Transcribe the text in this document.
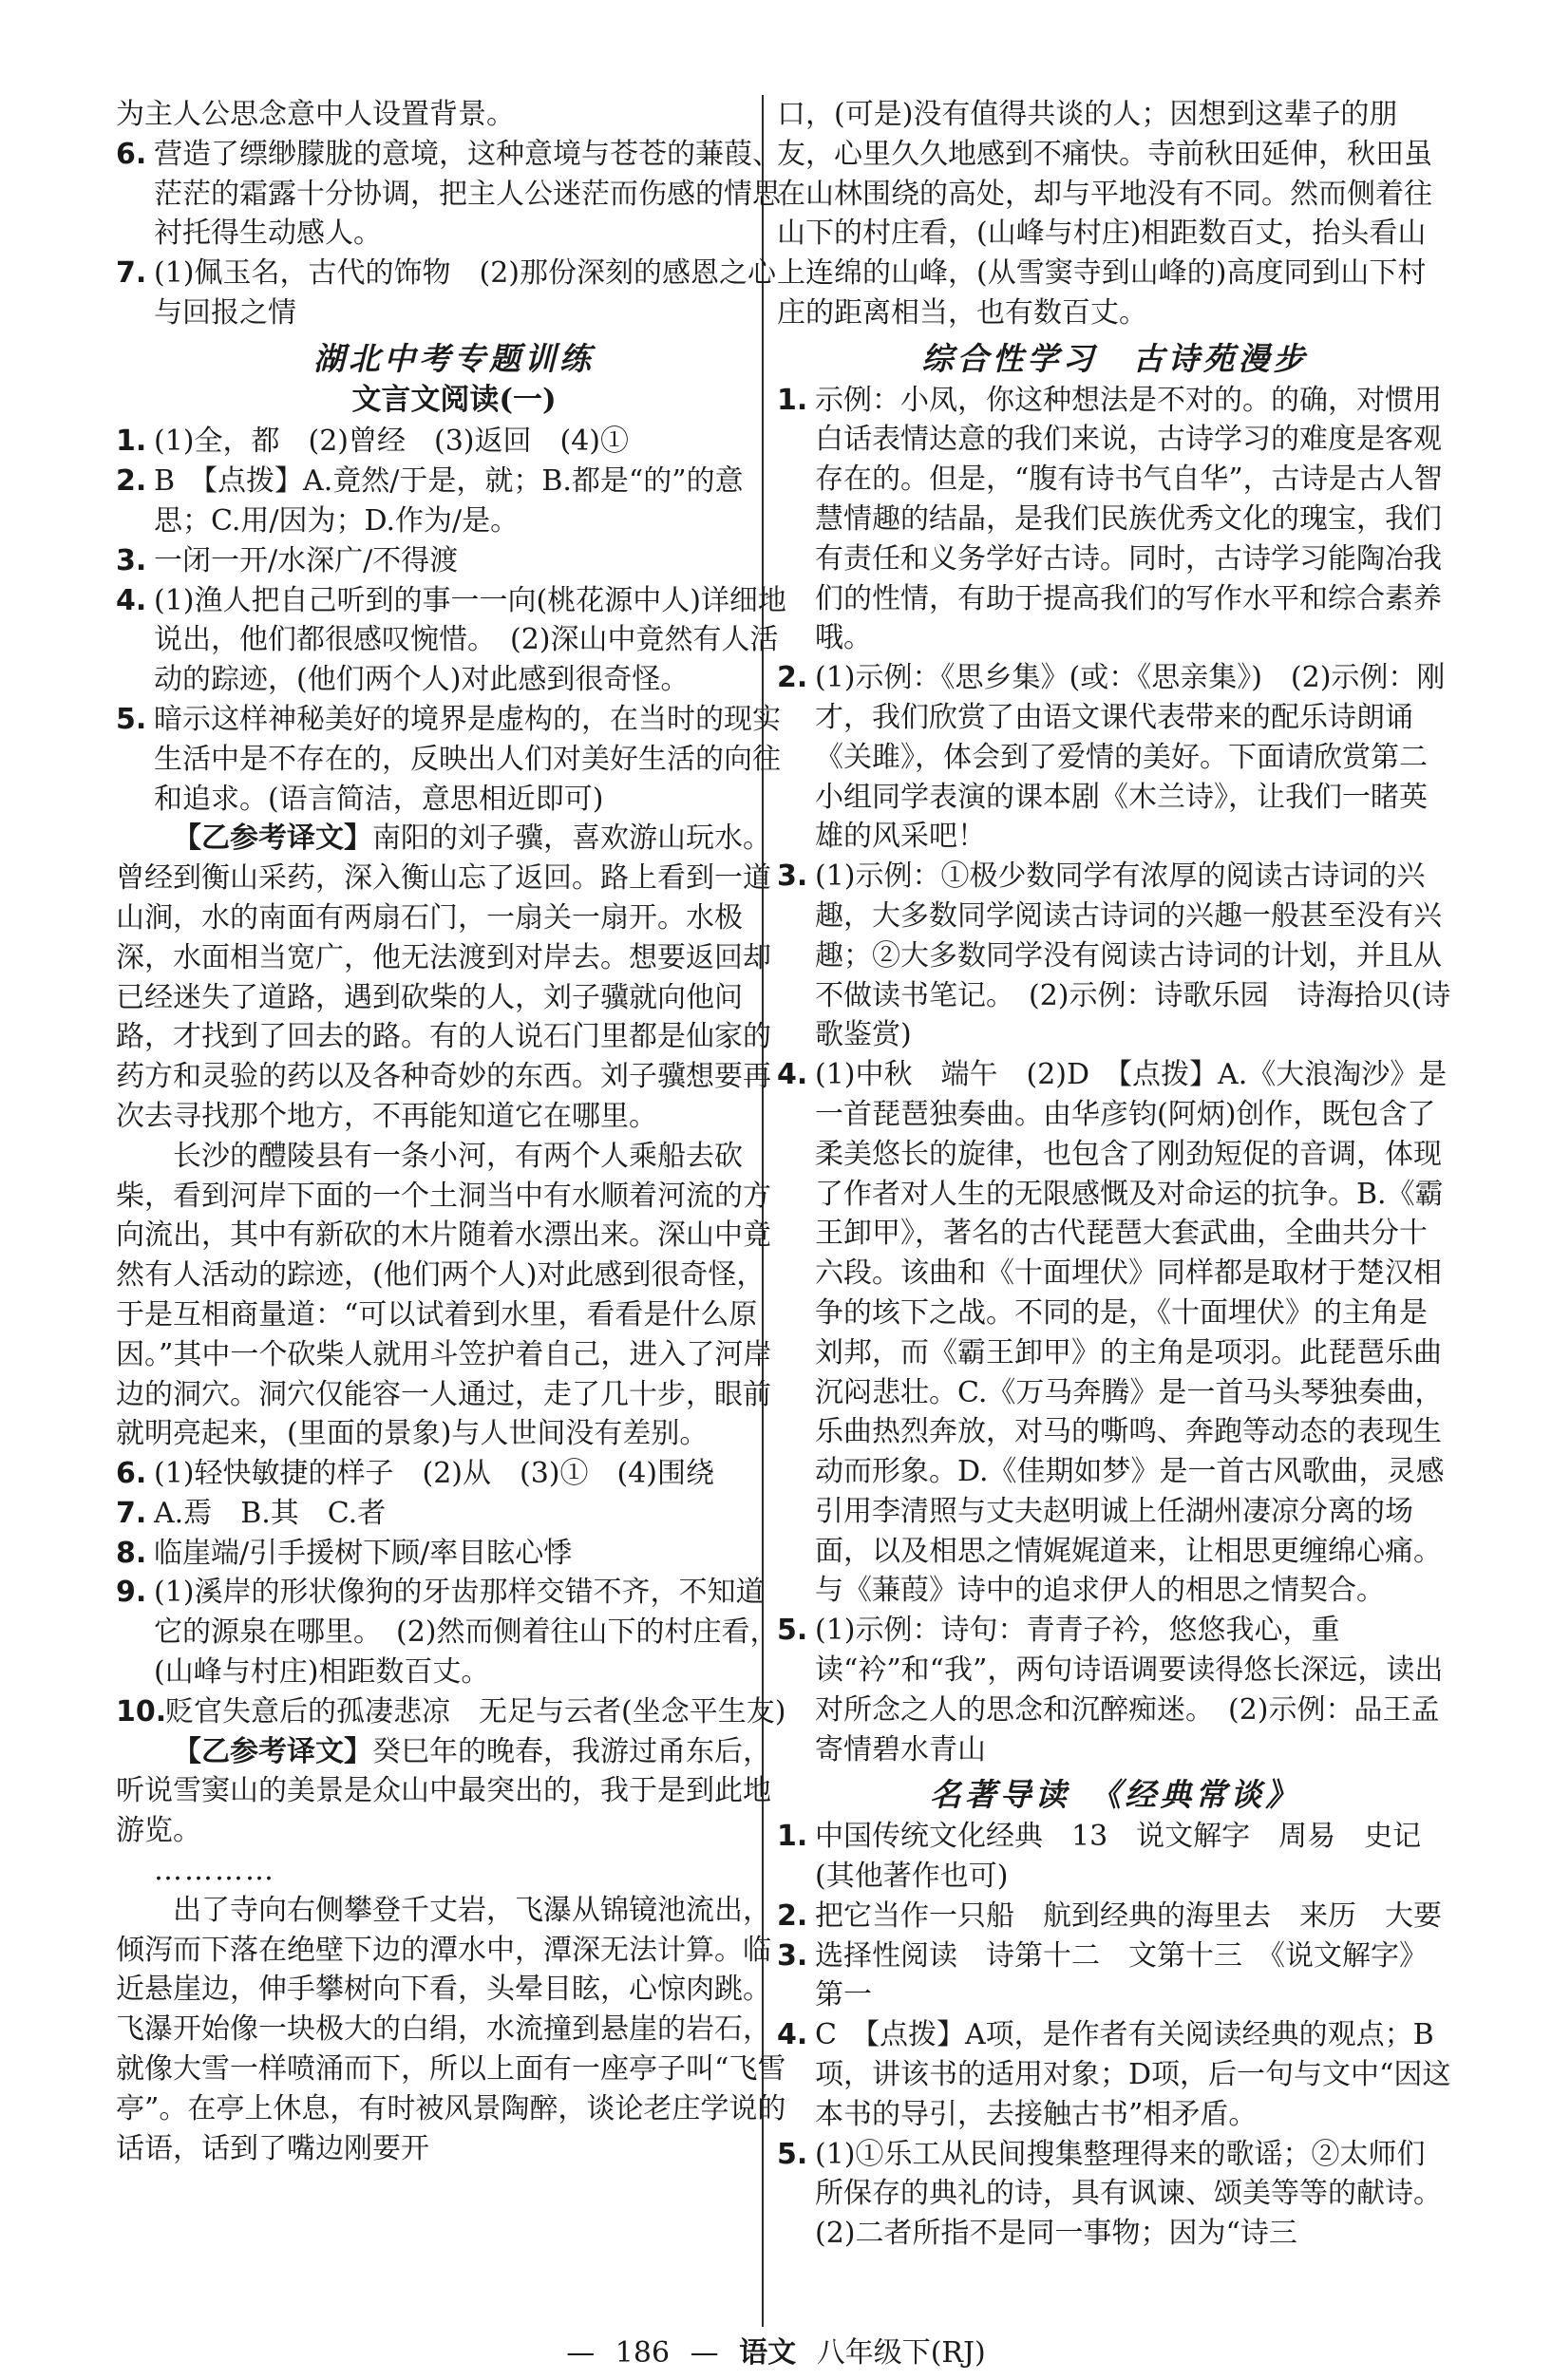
为主人公思念意中人设置背景。

6. 营造了缥缈朦胧的意境，这种意境与苍苍的蒹葭、茫茫的霜露十分协调，把主人公迷茫而伤感的情思衬托得生动感人。
7. (1)佩玉名，古代的饰物　(2)那份深刻的感恩之心与回报之情
湖北中考专题训练
文言文阅读(一)
1. (1)全，都　(2)曾经　(3)返回　(4)①
2. B　【点拨】A.竟然/于是，就；B.都是“的”的意思；C.用/因为；D.作为/是。
3. 一闭一开/水深广/不得渡
4. (1)渔人把自己听到的事一一向(桃花源中人)详细地说出，他们都很感叹惋惜。　(2)深山中竟然有人活动的踪迹，(他们两个人)对此感到很奇怪。
5. 暗示这样神秘美好的境界是虚构的，在当时的现实生活中是不存在的，反映出人们对美好生活的向往和追求。(语言简洁，意思相近即可)

【乙参考译文】南阳的刘子骥，喜欢游山玩水。曾经到衡山采药，深入衡山忘了返回。路上看到一道山涧，水的南面有两扇石门，一扇关一扇开。水极深，水面相当宽广，他无法渡到对岸去。想要返回却已经迷失了道路，遇到砍柴的人，刘子骥就向他问路，才找到了回去的路。有的人说石门里都是仙家的药方和灵验的药以及各种奇妙的东西。刘子骥想要再次去寻找那个地方，不再能知道它在哪里。

长沙的醴陵县有一条小河，有两个人乘船去砍柴，看到河岸下面的一个土洞当中有水顺着河流的方向流出，其中有新砍的木片随着水漂出来。深山中竟然有人活动的踪迹，(他们两个人)对此感到很奇怪，于是互相商量道：“可以试着到水里，看看是什么原因。”其中一个砍柴人就用斗笠护着自己，进入了河岸边的洞穴。洞穴仅能容一人通过，走了几十步，眼前就明亮起来，(里面的景象)与人世间没有差别。

6. (1)轻快敏捷的样子　(2)从　(3)①　(4)围绕
7. A.焉　B.其　C.者
8. 临崖端/引手援树下顾/率目眩心悸
9. (1)溪岸的形状像狗的牙齿那样交错不齐，不知道它的源泉在哪里。　(2)然而侧着往山下的村庄看，(山峰与村庄)相距数百丈。
10.
贬官失意后的孤凄悲凉　无足与云者(坐念平生友)

【乙参考译文】癸巳年的晚春，我游过甬东后，听说雪窦山的美景是众山中最突出的，我于是到此地游览。

…………

出了寺向右侧攀登千丈岩，飞瀑从锦镜池流出，倾泻而下落在绝壁下边的潭水中，潭深无法计算。临近悬崖边，伸手攀树向下看，头晕目眩，心惊肉跳。飞瀑开始像一块极大的白绢，水流撞到悬崖的岩石，就像大雪一样喷涌而下，所以上面有一座亭子叫“飞雪亭”。在亭上休息，有时被风景陶醉，谈论老庄学说的话语，话到了嘴边刚要开

口，(可是)没有值得共谈的人；因想到这辈子的朋友，心里久久地感到不痛快。寺前秋田延伸，秋田虽在山林围绕的高处，却与平地没有不同。然而侧着往山下的村庄看，(山峰与村庄)相距数百丈，抬头看山上连绵的山峰，(从雪窦寺到山峰的)高度同到山下村庄的距离相当，也有数百丈。

综合性学习　古诗苑漫步
1. 示例：小凤，你这种想法是不对的。的确，对惯用白话表情达意的我们来说，古诗学习的难度是客观存在的。但是，“腹有诗书气自华”，古诗是古人智慧情趣的结晶，是我们民族优秀文化的瑰宝，我们有责任和义务学好古诗。同时，古诗学习能陶冶我们的性情，有助于提高我们的写作水平和综合素养哦。
2. (1)示例：《思乡集》(或：《思亲集》)　(2)示例：刚才，我们欣赏了由语文课代表带来的配乐诗朗诵《关雎》，体会到了爱情的美好。下面请欣赏第二小组同学表演的课本剧《木兰诗》，让我们一睹英雄的风采吧！
3. (1)示例：①极少数同学有浓厚的阅读古诗词的兴趣，大多数同学阅读古诗词的兴趣一般甚至没有兴趣；②大多数同学没有阅读古诗词的计划，并且从不做读书笔记。　(2)示例：诗歌乐园　诗海拾贝(诗歌鉴赏)
4. (1)中秋　端午　(2)D　【点拨】A.《大浪淘沙》是一首琵琶独奏曲。由华彦钧(阿炳)创作，既包含了柔美悠长的旋律，也包含了刚劲短促的音调，体现了作者对人生的无限感慨及对命运的抗争。B.《霸王卸甲》，著名的古代琵琶大套武曲，全曲共分十六段。该曲和《十面埋伏》同样都是取材于楚汉相争的垓下之战。不同的是，《十面埋伏》的主角是刘邦，而《霸王卸甲》的主角是项羽。此琵琶乐曲沉闷悲壮。C.《万马奔腾》是一首马头琴独奏曲，乐曲热烈奔放，对马的嘶鸣、奔跑等动态的表现生动而形象。D.《佳期如梦》是一首古风歌曲，灵感引用李清照与丈夫赵明诚上任湖州凄凉分离的场面，以及相思之情娓娓道来，让相思更缠绵心痛。与《蒹葭》诗中的追求伊人的相思之情契合。
5. (1)示例：诗句：青青子衿，悠悠我心，重读“衿”和“我”，两句诗语调要读得悠长深远，读出对所念之人的思念和沉醉痴迷。　(2)示例：品王孟寄情碧水青山
名著导读　《经典常谈》
1. 中国传统文化经典　13　说文解字　周易　史记(其他著作也可)
2. 把它当作一只船　航到经典的海里去　来历　大要
3. 选择性阅读　诗第十二　文第十三　《说文解字》第一
4. C　【点拨】A项，是作者有关阅读经典的观点；B项，讲该书的适用对象；D项，后一句与文中“因这本书的导引，去接触古书”相矛盾。
5. (1)①乐工从民间搜集整理得来的歌谣；②太师们所保存的典礼的诗，具有讽谏、颂美等等的献诗。　(2)二者所指不是同一事物；因为“诗三
— 186 — 语文 八年级下(RJ)
